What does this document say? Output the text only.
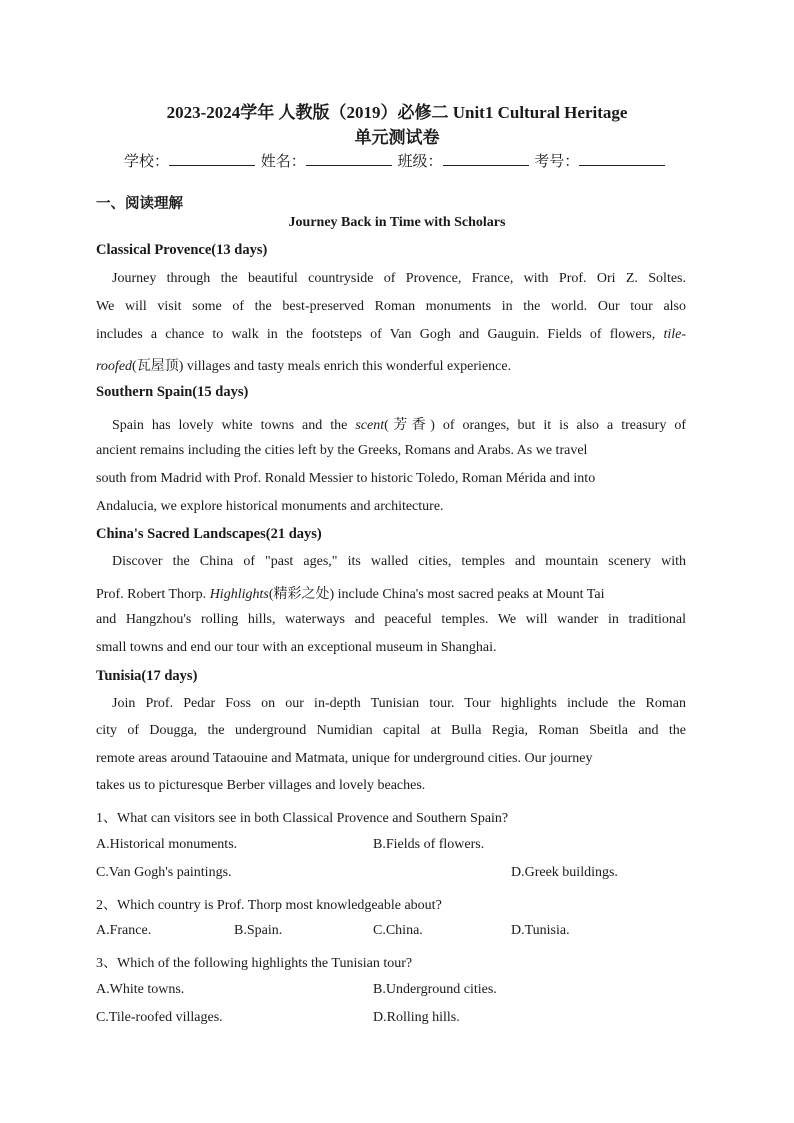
2023-2024学年 人教版（2019）必修二 Unit1 Cultural Heritage
单元测试卷
学校：	姓名：	班级：	考号：
一、阅读理解
Journey Back in Time with Scholars
Classical Provence(13 days)
Journey through the beautiful countryside of Provence, France, with Prof. Ori Z. Soltes.
We will visit some of the best-preserved Roman monuments in the world. Our tour also
includes a chance to walk in the footsteps of Van Gogh and Gauguin. Fields of flowers, tile-
roofed(瓦屋顶) villages and tasty meals enrich this wonderful experience.
Southern Spain(15 days)
Spain has lovely white towns and the scent(芳香) of oranges, but it is also a treasury of
ancient remains including the cities left by the Greeks, Romans and Arabs. As we travel
south from Madrid with Prof. Ronald Messier to historic Toledo, Roman Mérida and into
Andalucia, we explore historical monuments and architecture.
China's Sacred Landscapes(21 days)
Discover the China of "past ages," its walled cities, temples and mountain scenery with
Prof. Robert Thorp. Highlights(精彩之处) include China's most sacred peaks at Mount Tai
and Hangzhou's rolling hills, waterways and peaceful temples. We will wander in traditional
small towns and end our tour with an exceptional museum in Shanghai.
Tunisia(17 days)
Join Prof. Pedar Foss on our in-depth Tunisian tour. Tour highlights include the Roman
city of Dougga, the underground Numidian capital at Bulla Regia, Roman Sbeitla and the
remote areas around Tataouine and Matmata, unique for underground cities. Our journey
takes us to picturesque Berber villages and lovely beaches.
1、What can visitors see in both Classical Provence and Southern Spain?
A.Historical monuments.	B.Fields of flowers.
C.Van Gogh's paintings.	D.Greek buildings.
2、Which country is Prof. Thorp most knowledgeable about?
A.France.	B.Spain.	C.China.	D.Tunisia.
3、Which of the following highlights the Tunisian tour?
A.White towns.	B.Underground cities.
C.Tile-roofed villages.	D.Rolling hills.
